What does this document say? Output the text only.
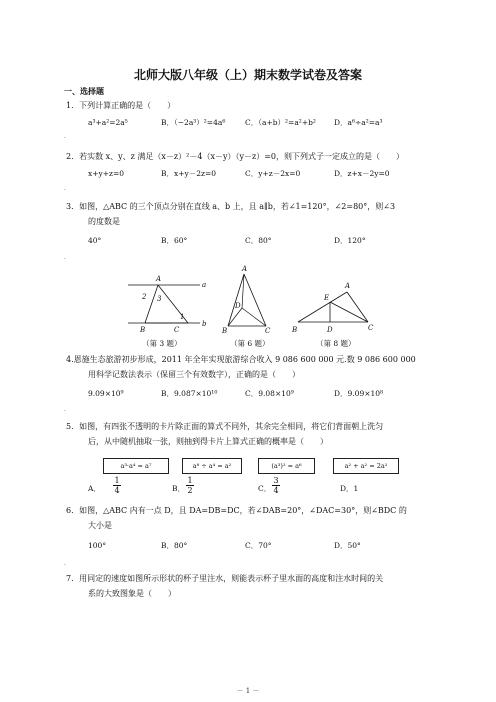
北师大版八年级（上）期末数学试卷及答案
一、选择题
1．下列计算正确的是（　　）
a³+a²=2a⁵	B．（−2a³）²=4a⁶	C．（a+b）²=a²+b² D．a⁶÷a²=a³
·
2．若实数 x、y、z 满足（x－z）²－4（x－y）（y－z）=0，则下列式子一定成立的是（　　）
x+y+z=0	B．x+y－2z=0	C．y+z－2x=0	D．z+x－2y=0
·
3．如图，△ABC 的三个顶点分别在直线 a、b 上，且 a∥b，若∠1=120°，∠2=80°，则∠3
的度数是
40°	B．60°	C．80°	D．120°
·
A
B	C
a
b
2 3
1
A
D
B	C
A
E
B	D	C
（第 3 题）	（第 6 题）	（第 8 题）
4.恩施生态旅游初步形成，2011 年全年实现旅游综合收入 9 086 600 000 元.数 9 086 600 000
用科学记数法表示（保留三个有效数字），正确的是（　　）
9.09×10⁹	B．9.087×10¹⁰	C．9.08×10⁹	D．9.09×10⁸
·
5．如图，有四张不透明的卡片除正面的算式不同外，其余完全相同，将它们背面朝上洗匀
后，从中随机抽取一张，则抽到得卡片上算式正确的概率是（　　）
a³·a⁴ = a⁷	a⁸ ÷ a⁴ = a²	(a³)² = a⁶	a² + a² = 2a²
A． $\frac{1}{4}$	B． $\frac{1}{2}$	C． $\frac{3}{4}$	D．1
6．如图，△ABC 内有一点 D，且 DA=DB=DC，若∠DAB=20°，∠DAC=30°，则∠BDC 的
大小是
100°	B．80°	C．70°	D．50°
·
7．用同定的速度如图所示形状的杯子里注水，则能表示杯子里水面的高度和注水时间的关
系的大致图象是（　　）
－ 1 －
